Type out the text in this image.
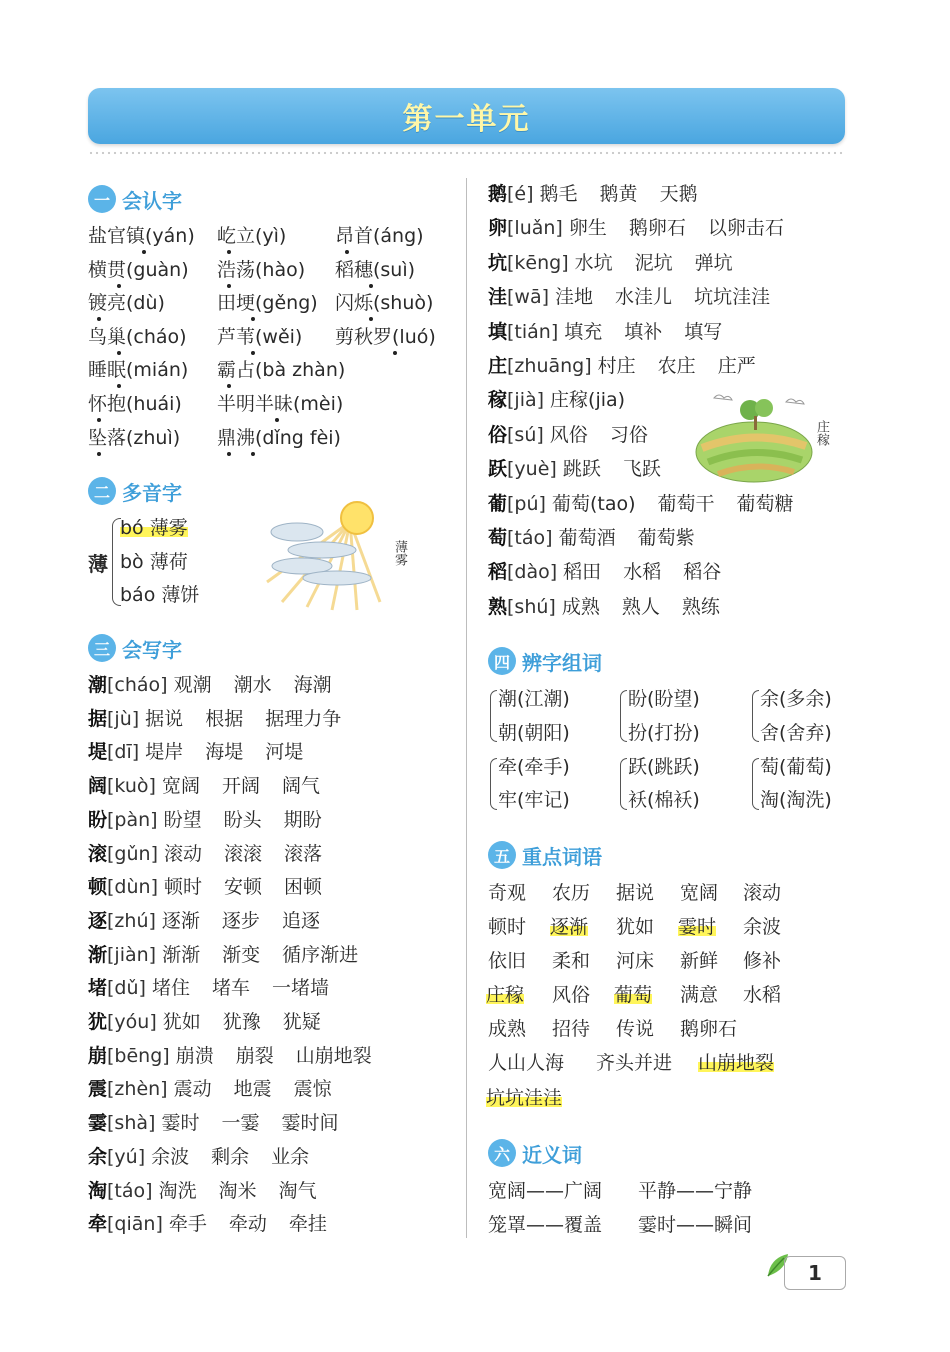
第一单元
一 会认字
盐官镇(yán) 屹立(yì)	昂首(áng)
横贯(guàn) 浩荡(hào) 稻穗(suì)
镀亮(dù)	田埂(gěng) 闪烁(shuò)
鸟巢(cháo) 芦苇(wěi) 剪秋罗(luó)
睡眠(mián) 霸占(bà zhàn)
怀抱(huái) 半明半昧(mèi)
坠落(zhuì) 鼎沸(dǐng fèi)
二 多音字
薄
bó 薄雾
bò 薄荷
báo 薄饼
薄雾
三 会写字
潮 [cháo] 观潮 潮水 海潮
据 [jù] 据说 根据 据理力争
堤 [dī] 堤岸 海堤 河堤
阔 [kuò] 宽阔 开阔 阔气
盼 [pàn] 盼望 盼头 期盼
滚 [gǔn] 滚动 滚滚 滚落
顿 [dùn] 顿时 安顿 困顿
逐 [zhú] 逐渐 逐步 追逐
渐 [jiàn] 渐渐 渐变 循序渐进
堵 [dǔ] 堵住 堵车 一堵墙
犹 [yóu] 犹如 犹豫 犹疑
崩 [bēng] 崩溃 崩裂 山崩地裂
震 [zhèn] 震动 地震 震惊
霎 [shà] 霎时 一霎 霎时间
余 [yú] 余波 剩余 业余
淘 [táo] 淘洗 淘米 淘气
牵 [qiān] 牵手 牵动 牵挂
鹅 [é] 鹅毛 鹅黄 天鹅
卵 [luǎn] 卵生 鹅卵石 以卵击石
坑 [kēng] 水坑 泥坑 弹坑
洼 [wā] 洼地 水洼儿 坑坑洼洼
填 [tián] 填充 填补 填写
庄 [zhuāng] 村庄 农庄 庄严
稼 [jià] 庄稼(jia)
俗 [sú] 风俗 习俗
跃 [yuè] 跳跃 飞跃
葡 [pú] 葡萄(tao) 葡萄干 葡萄糖
萄 [táo] 葡萄酒 葡萄紫
稻 [dào] 稻田 水稻 稻谷
熟 [shú] 成熟 熟人 熟练
庄稼
四 辨字组词
潮(江潮)
朝(朝阳)
盼(盼望)
扮(打扮)
余(多余)
舍(舍弃)
牵(牵手)
牢(牢记)
跃(跳跃)
袄(棉袄)
萄(葡萄)
淘(淘洗)
五 重点词语
奇观 农历 据说 宽阔 滚动
顿时 逐渐 犹如 霎时 余波
依旧 柔和 河床 新鲜 修补
庄稼 风俗 葡萄 满意 水稻
成熟 招待 传说 鹅卵石
人山人海 齐头并进 山崩地裂
坑坑洼洼
六 近义词
宽阔——广阔 平静——宁静
笼罩——覆盖 霎时——瞬间
1
